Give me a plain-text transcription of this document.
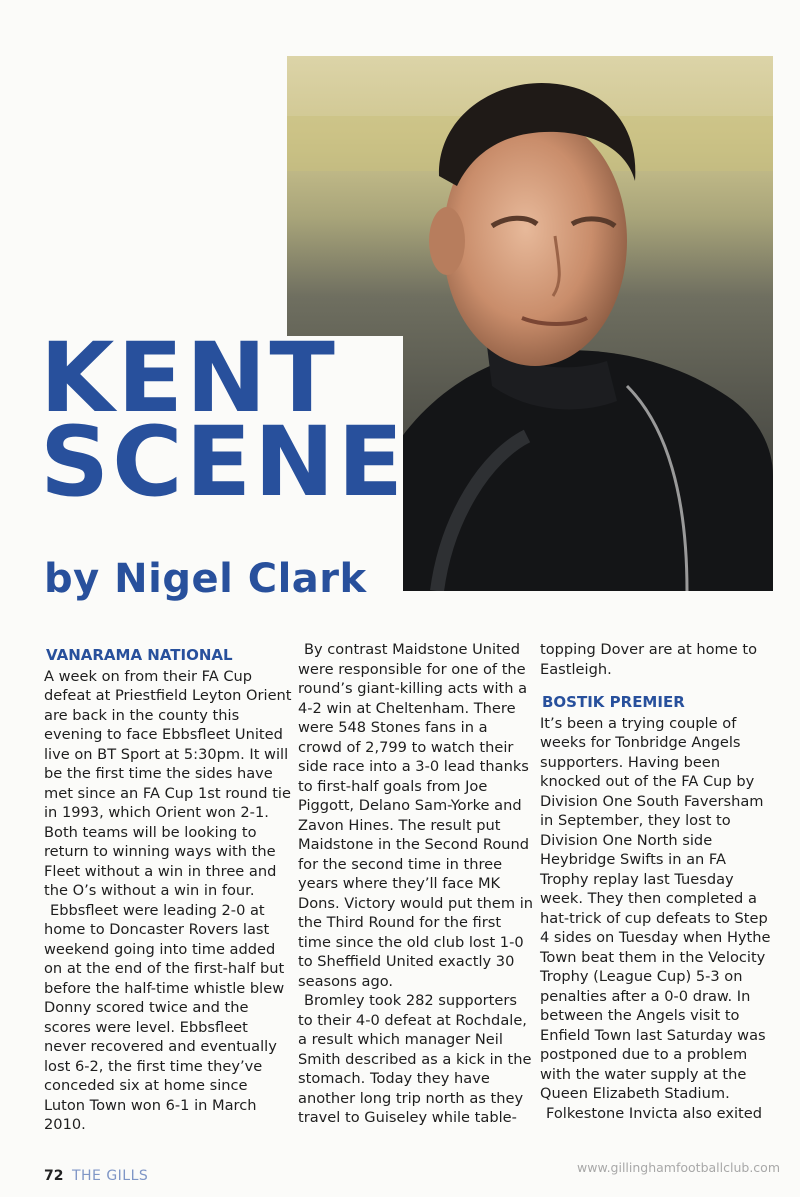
KENT
SCENE
by Nigel Clark
VANARAMA NATIONAL

A week on from their FA Cup defeat at Priestfield Leyton Orient are back in the county this evening to face Ebbsfleet United live on BT Sport at 5:30pm. It will be the first time the sides have met since an FA Cup 1st round tie in 1993, which Orient won 2-1. Both teams will be looking to return to winning ways with the Fleet without a win in three and the O’s without a win in four.

Ebbsfleet were leading 2-0 at home to Doncaster Rovers last weekend going into time added on at the end of the first-half but before the half-time whistle blew Donny scored twice and the scores were level. Ebbsfleet never recovered and eventually lost 6-2, the first time they’ve conceded six at home since Luton Town won 6-1 in March 2010.

By contrast Maidstone United were responsible for one of the round’s giant-killing acts with a 4-2 win at Cheltenham. There were 548 Stones fans in a crowd of 2,799 to watch their side race into a 3-0 lead thanks to first-half goals from Joe Piggott, Delano Sam-Yorke and Zavon Hines. The result put Maidstone in the Second Round for the second time in three years where they’ll face MK Dons. Victory would put them in the Third Round for the first time since the old club lost 1-0 to Sheffield United exactly 30 seasons ago.

Bromley took 282 supporters to their 4-0 defeat at Rochdale, a result which manager Neil Smith described as a kick in the stomach. Today they have another long trip north as they travel to Guiseley while table-

topping Dover are at home to Eastleigh.

BOSTIK PREMIER

It’s been a trying couple of weeks for Tonbridge Angels supporters. Having been knocked out of the FA Cup by Division One South Faversham in September, they lost to Division One North side Heybridge Swifts in an FA Trophy replay last Tuesday week. They then completed a hat-trick of cup defeats to Step 4 sides on Tuesday when Hythe Town beat them in the Velocity Trophy (League Cup) 5-3 on penalties after a 0-0 draw. In between the Angels visit to Enfield Town last Saturday was postponed due to a problem with the water supply at the Queen Elizabeth Stadium.

Folkestone Invicta also exited

72 THE GILLS
www.gillinghamfootballclub.com
